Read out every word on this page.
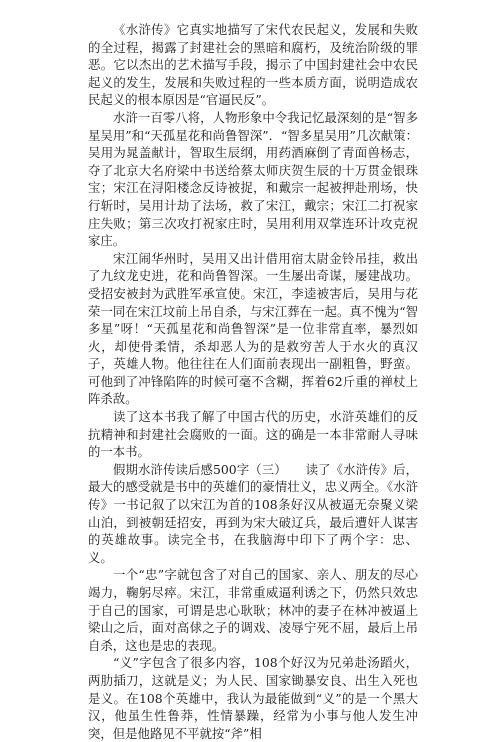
《水浒传》它真实地描写了宋代农民起义，发展和失败的全过程，揭露了封建社会的黑暗和腐朽，及统治阶级的罪恶。它以杰出的艺术描写手段，揭示了中国封建社会中农民起义的发生，发展和失败过程的一些本质方面，说明造成农民起义的根本原因是“官逼民反”。

水浒一百零八将，人物形象中令我记忆最深刻的是“智多星吴用”和“天孤星花和尚鲁智深”．“智多星吴用”几次献策：吴用为晁盖献计，智取生辰纲，用药酒麻倒了青面兽杨志，夺了北京大名府梁中书送给蔡太师庆贺生辰的十万贯金银珠宝；宋江在浔阳楼念反诗被捉，和戴宗一起被押赴刑场，快行斩时，吴用计劫了法场，救了宋江，戴宗；宋江二打祝家庄失败；第三次攻打祝家庄时，吴用利用双掌连环计攻克祝家庄。

宋江闹华州时，吴用又出计借用宿太尉金铃吊挂，救出了九纹龙史进，花和尚鲁智深。一生屡出奇谋，屡建战功。受招安被封为武胜军承宣使。宋江，李逵被害后，吴用与花荣一同在宋江坟前上吊自杀，与宋江葬在一起。真不愧为“智多星”呀！“天孤星花和尚鲁智深”是一位非常直率，暴烈如火，却使骨柔情，杀却恶人为的是救穷苦人于水火的真汉子，英雄人物。他往往在人们面前表现出一副粗鲁，野蛮。可他到了冲锋陷阵的时候可毫不含糊，挥着62斤重的禅杖上阵杀敌。

读了这本书我了解了中国古代的历史，水浒英雄们的反抗精神和封建社会腐败的一面。这的确是一本非常耐人寻味的一本书。

假期水浒传读后感500字（三）　　读了《水浒传》后，最大的感受就是书中的英雄们的豪情壮义，忠义两全。《水浒传》一书记叙了以宋江为首的108条好汉从被逼无奈聚义梁山泊，到被朝廷招安，再到为宋大破辽兵，最后遭奸人谋害的英雄故事。读完全书，在我脑海中印下了两个字：忠、义。

一个“忠”字就包含了对自己的国家、亲人、朋友的尽心竭力，鞠躬尽瘁。宋江，非常重威逼利诱之下，仍然只效忠于自己的国家，可谓是忠心耿耿；林冲的妻子在林冲被逼上梁山之后，面对高俅之子的调戏、凌辱宁死不屈，最后上吊自杀，这也是忠的表现。

“义”字包含了很多内容，108个好汉为兄弟赴汤蹈火，两肋插刀，这就是义；为人民、国家锄暴安良、出生入死也是义。在108个英雄中，我认为最能做到“义”的是一个黑大汉，他虽生性鲁莽，性情暴躁，经常为小事与他人发生冲突，但是他路见不平就按“斧”相
